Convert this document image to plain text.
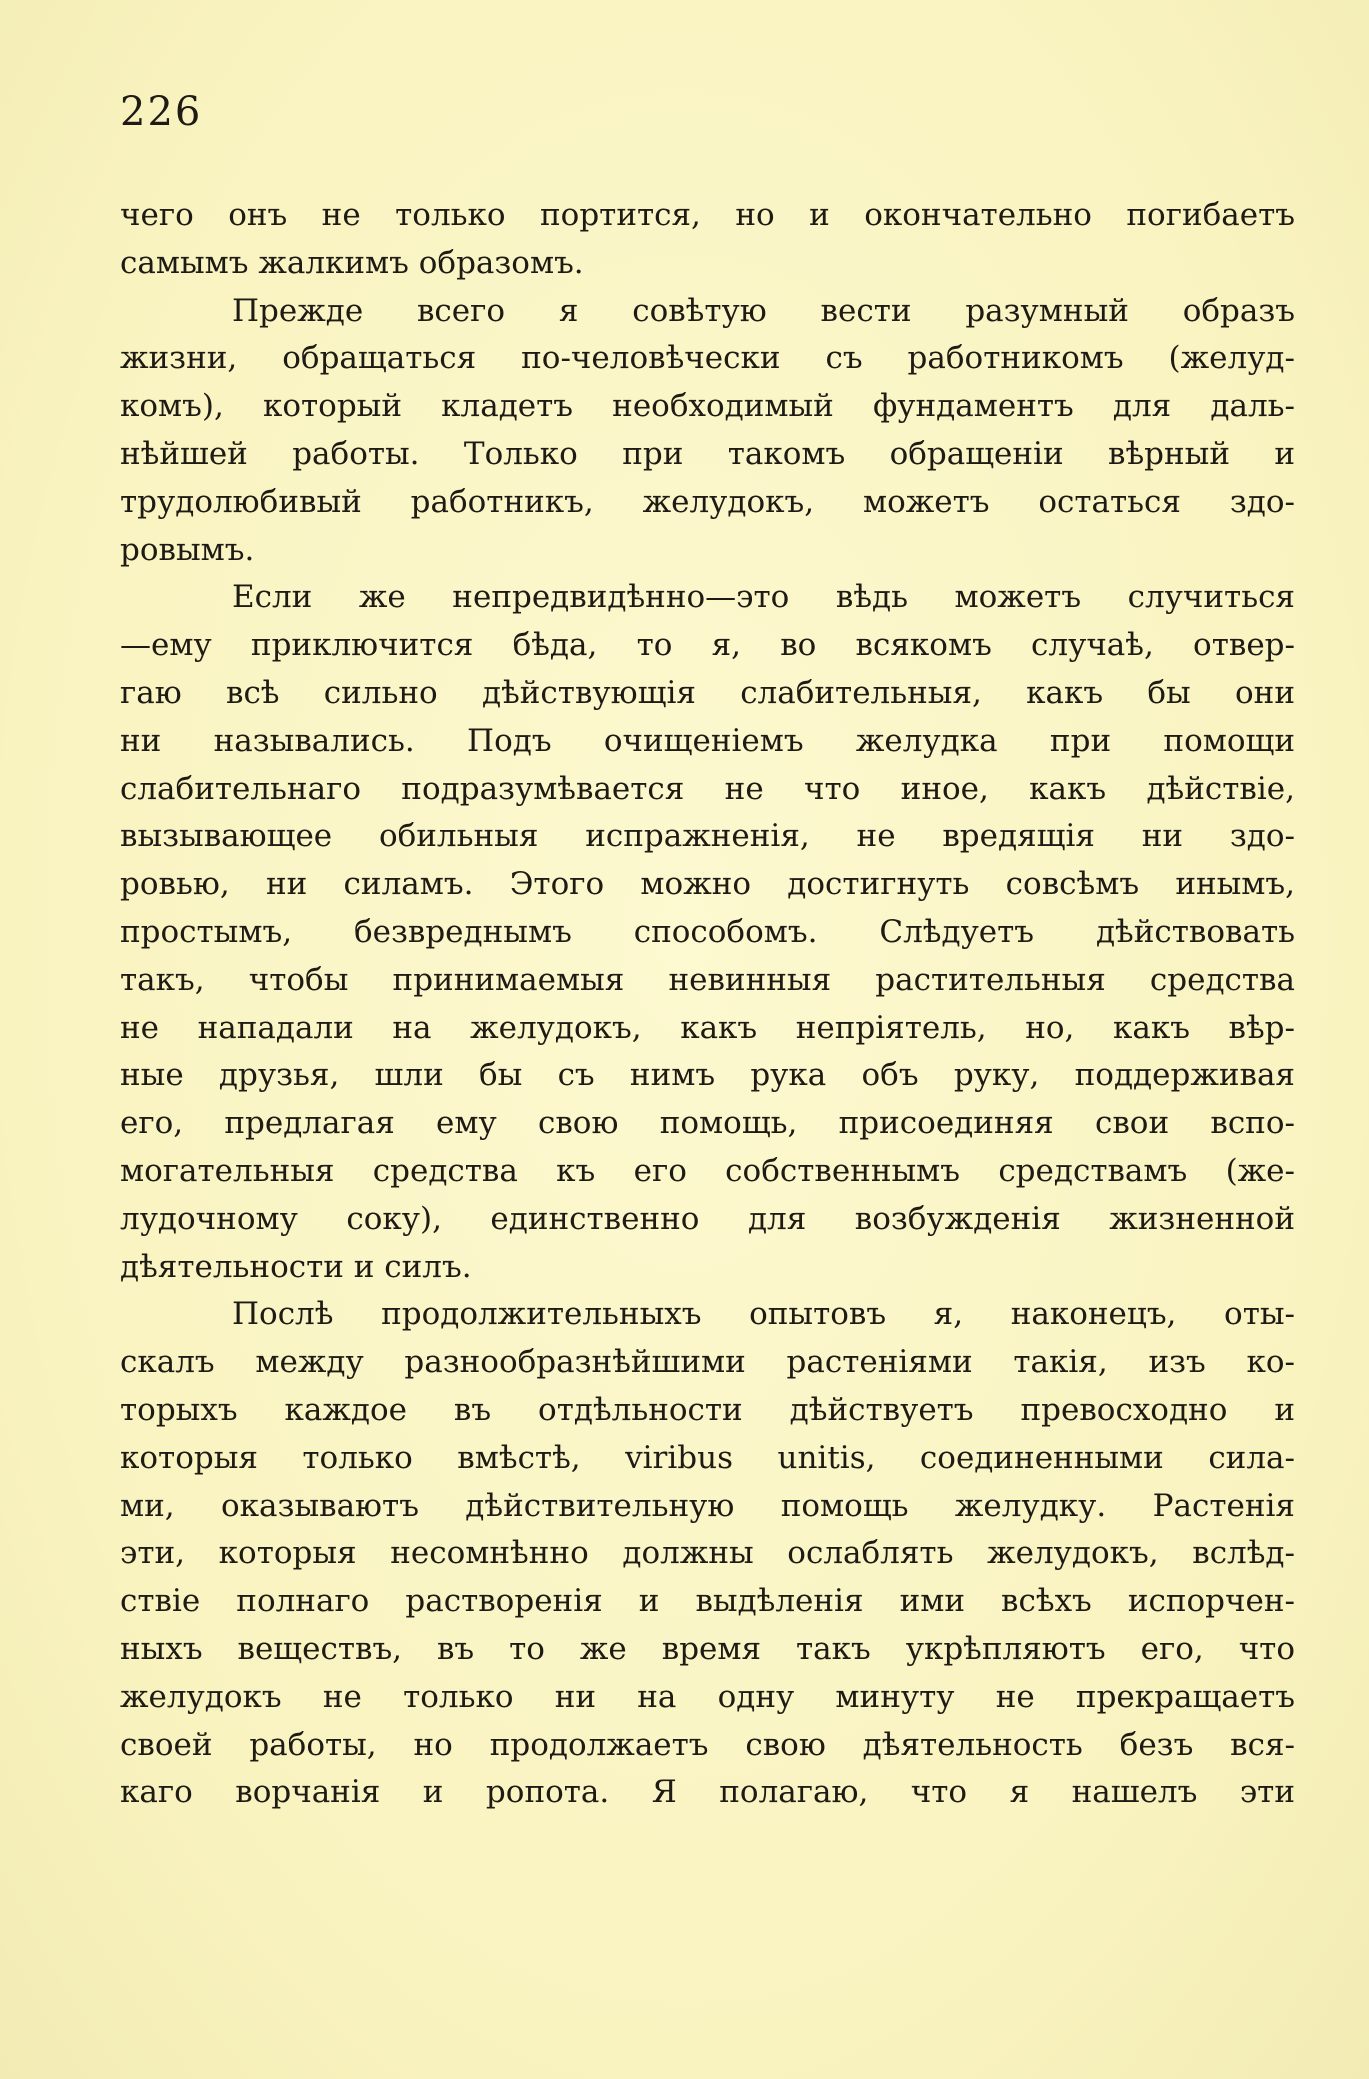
226
чего онъ не только портится, но и окончательно погибаетъ
самымъ жалкимъ образомъ.
Прежде всего я совѣтую вести разумный образъ
жизни, обращаться по-человѣчески съ работникомъ (желуд-
комъ), который кладетъ необходимый фундаментъ для даль-
нѣйшей работы. Только при такомъ обращеніи вѣрный и
трудолюбивый работникъ, желудокъ, можетъ остаться здо-
ровымъ.
Если же непредвидѣнно—это вѣдь можетъ случиться
—ему приключится бѣда, то я, во всякомъ случаѣ, отвер-
гаю всѣ сильно дѣйствующія слабительныя, какъ бы они
ни назывались. Подъ очищеніемъ желудка при помощи
слабительнаго подразумѣвается не что иное, какъ дѣйствіе,
вызывающее обильныя испражненія, не вредящія ни здо-
ровью, ни силамъ. Этого можно достигнуть совсѣмъ инымъ,
простымъ, безвреднымъ способомъ. Слѣдуетъ дѣйствовать
такъ, чтобы принимаемыя невинныя растительныя средства
не нападали на желудокъ, какъ непріятель, но, какъ вѣр-
ные друзья, шли бы съ нимъ рука объ руку, поддерживая
его, предлагая ему свою помощь, присоединяя свои вспо-
могательныя средства къ его собственнымъ средствамъ (же-
лудочному соку), единственно для возбужденія жизненной
дѣятельности и силъ.
Послѣ продолжительныхъ опытовъ я, наконецъ, оты-
скалъ между разнообразнѣйшими растеніями такія, изъ ко-
торыхъ каждое въ отдѣльности дѣйствуетъ превосходно и
которыя только вмѣстѣ, viribus unitis, соединенными сила-
ми, оказываютъ дѣйствительную помощь желудку. Растенія
эти, которыя несомнѣнно должны ослаблять желудокъ, вслѣд-
ствіе полнаго раствоpенія и выдѣленія ими всѣхъ испорчен-
ныхъ веществъ, въ то же время такъ укрѣпляютъ его, что
желудокъ не только ни на одну минуту не прекращаетъ
своей работы, но продолжаетъ свою дѣятельность безъ вся-
каго ворчанія и ропота. Я полагаю, что я нашелъ эти
